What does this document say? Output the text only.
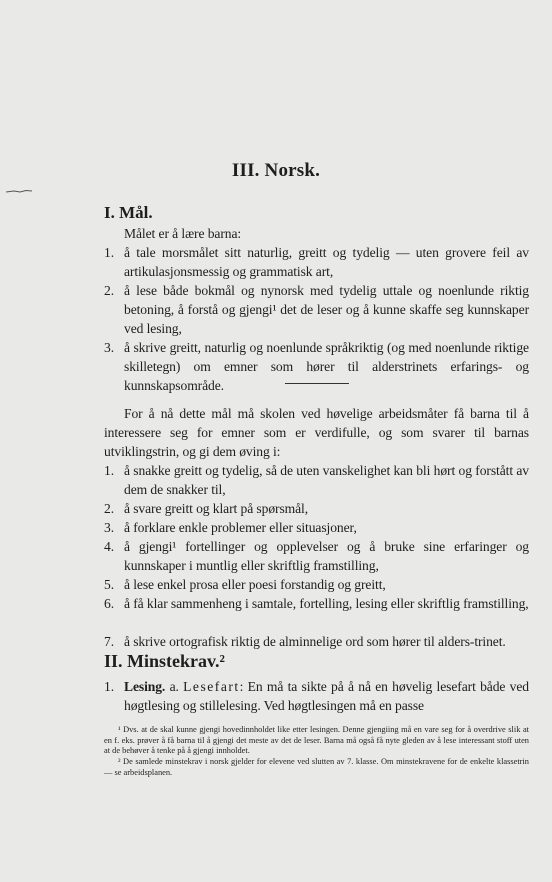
III. Norsk.
I. Mål.

Målet er å lære barna:

1. å tale morsmålet sitt naturlig, greitt og tydelig — uten grovere feil av artikulasjonsmessig og grammatisk art,

2. å lese både bokmål og nynorsk med tydelig uttale og noenlunde riktig betoning, å forstå og gjengi¹ det de leser og å kunne skaffe seg kunnskaper ved lesing,

3. å skrive greitt, naturlig og noenlunde språkriktig (og med noenlunde riktige skilletegn) om emner som hører til alderstrinets erfarings- og kunnskapsområde.

For å nå dette mål må skolen ved høvelige arbeidsmåter få barna til å interessere seg for emner som er verdifulle, og som svarer til barnas utviklingstrin, og gi dem øving i:

1. å snakke greitt og tydelig, så de uten vanskelighet kan bli hørt og forstått av dem de snakker til,

2. å svare greitt og klart på spørsmål,

3. å forklare enkle problemer eller situasjoner,

4. å gjengi¹ fortellinger og opplevelser og å bruke sine erfaringer og kunnskaper i muntlig eller skriftlig framstilling,

5. å lese enkel prosa eller poesi forstandig og greitt,

6. å få klar sammenheng i samtale, fortelling, lesing eller skriftlig framstilling,

7. å skrive ortografisk riktig de alminnelige ord som hører til alders-trinet.

II. Minstekrav.²
1. Lesing. a. Lesefart: En må ta sikte på å nå en høvelig lesefart både ved høgtlesing og stillelesing. Ved høgtlesingen må en passe

¹ Dvs. at de skal kunne gjengi hovedinnholdet like etter lesingen. Denne gjengiing må en vare seg for å overdrive slik at en f. eks. prøver å få barna til å gjengi det meste av det de leser. Barna må også få nyte gleden av å lese interessant stoff uten at de behøver å tenke på å gjengi innholdet.

² De samlede minstekrav i norsk gjelder for elevene ved slutten av 7. klasse. Om minstekravene for de enkelte klassetrin — se arbeidsplanen.
